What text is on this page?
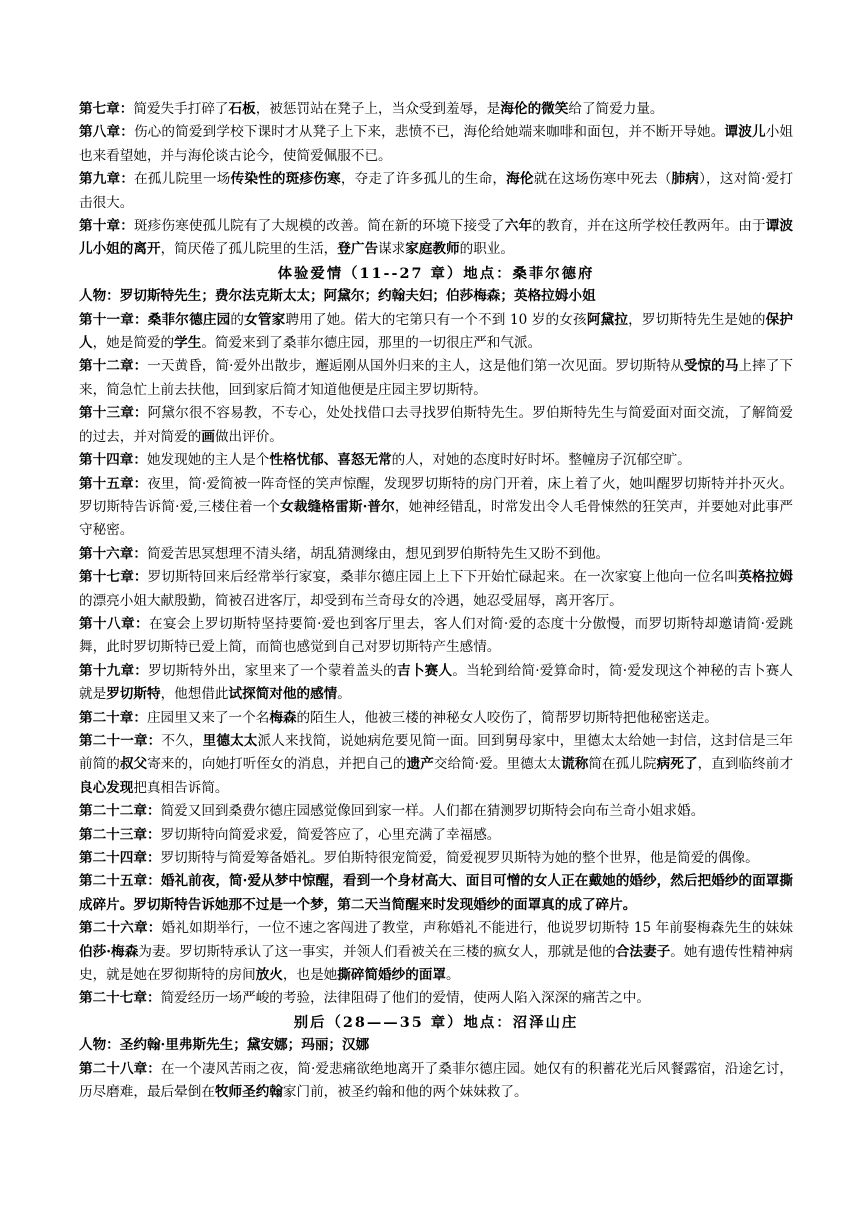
第七章：简爱失手打碎了石板，被惩罚站在凳子上，当众受到羞辱，是海伦的微笑给了简爱力量。

第八章：伤心的简爱到学校下课时才从凳子上下来，悲愤不已，海伦给她端来咖啡和面包，并不断开导她。谭波儿小姐也来看望她，并与海伦谈古论今，使简爱佩服不已。

第九章：在孤儿院里一场传染性的斑疹伤寒，夺走了许多孤儿的生命，海伦就在这场伤寒中死去（肺病），这对简·爱打击很大。

第十章：斑疹伤寒使孤儿院有了大规模的改善。简在新的环境下接受了六年的教育，并在这所学校任教两年。由于谭波儿小姐的离开，简厌倦了孤儿院里的生活，登广告谋求家庭教师的职业。

体验爱情（11--27 章）地点：桑菲尔德府

人物：罗切斯特先生；费尔法克斯太太；阿黛尔；约翰夫妇；伯莎梅森；英格拉姆小姐

第十一章：桑菲尔德庄园的女管家聘用了她。偌大的宅第只有一个不到 10 岁的女孩阿黛拉，罗切斯特先生是她的保护人，她是简爱的学生。简爱来到了桑菲尔德庄园，那里的一切很庄严和气派。

第十二章：一天黄昏，简·爱外出散步，邂逅刚从国外归来的主人，这是他们第一次见面。罗切斯特从受惊的马上摔了下来，简急忙上前去扶他，回到家后简才知道他便是庄园主罗切斯特。

第十三章：阿黛尔很不容易教，不专心，处处找借口去寻找罗伯斯特先生。罗伯斯特先生与简爱面对面交流，了解简爱的过去，并对简爱的画做出评价。

第十四章：她发现她的主人是个性格忧郁、喜怒无常的人，对她的态度时好时坏。整幢房子沉郁空旷。

第十五章：夜里，简·爱简被一阵奇怪的笑声惊醒，发现罗切斯特的房门开着，床上着了火，她叫醒罗切斯特并扑灭火。罗切斯特告诉简·爱,三楼住着一个女裁缝格雷斯·普尔，她神经错乱，时常发出令人毛骨悚然的狂笑声，并要她对此事严守秘密。

第十六章：简爱苦思冥想理不清头绪，胡乱猜测缘由，想见到罗伯斯特先生又盼不到他。

第十七章：罗切斯特回来后经常举行家宴，桑菲尔德庄园上上下下开始忙碌起来。在一次家宴上他向一位名叫英格拉姆的漂亮小姐大献殷勤，简被召进客厅，却受到布兰奇母女的冷遇，她忍受屈辱，离开客厅。

第十八章：在宴会上罗切斯特坚持要简·爱也到客厅里去，客人们对简·爱的态度十分傲慢，而罗切斯特却邀请简·爱跳舞，此时罗切斯特已爱上简，而简也感觉到自己对罗切斯特产生感情。

第十九章：罗切斯特外出，家里来了一个蒙着盖头的吉卜赛人。当轮到给简·爱算命时，简·爱发现这个神秘的吉卜赛人就是罗切斯特，他想借此试探简对他的感情。

第二十章：庄园里又来了一个名梅森的陌生人，他被三楼的神秘女人咬伤了，简帮罗切斯特把他秘密送走。

第二十一章：不久，里德太太派人来找简，说她病危要见简一面。回到舅母家中，里德太太给她一封信，这封信是三年前简的叔父寄来的，向她打听侄女的消息，并把自己的遗产交给简·爱。里德太太谎称简在孤儿院病死了，直到临终前才良心发现把真相告诉简。

第二十二章：简爱又回到桑费尔德庄园感觉像回到家一样。人们都在猜测罗切斯特会向布兰奇小姐求婚。

第二十三章：罗切斯特向简爱求爱，简爱答应了，心里充满了幸福感。

第二十四章：罗切斯特与简爱筹备婚礼。罗伯斯特很宠简爱，简爱视罗贝斯特为她的整个世界，他是简爱的偶像。

第二十五章：婚礼前夜，简·爱从梦中惊醒，看到一个身材高大、面目可憎的女人正在戴她的婚纱，然后把婚纱的面罩撕成碎片。罗切斯特告诉她那不过是一个梦，第二天当简醒来时发现婚纱的面罩真的成了碎片。

第二十六章：婚礼如期举行，一位不速之客闯进了教堂，声称婚礼不能进行，他说罗切斯特 15 年前娶梅森先生的妹妹伯莎·梅森为妻。罗切斯特承认了这一事实，并领人们看被关在三楼的疯女人，那就是他的合法妻子。她有遗传性精神病史，就是她在罗彻斯特的房间放火，也是她撕碎简婚纱的面罩。

第二十七章：简爱经历一场严峻的考验，法律阻碍了他们的爱情，使两人陷入深深的痛苦之中。

别后（28——35 章）地点：沼泽山庄

人物：圣约翰·里弗斯先生；黛安娜；玛丽；汉娜

第二十八章：在一个凄风苦雨之夜，简·爱悲痛欲绝地离开了桑菲尔德庄园。她仅有的积蓄花光后风餐露宿，沿途乞讨，历尽磨难，最后晕倒在牧师圣约翰家门前，被圣约翰和他的两个妹妹救了。
